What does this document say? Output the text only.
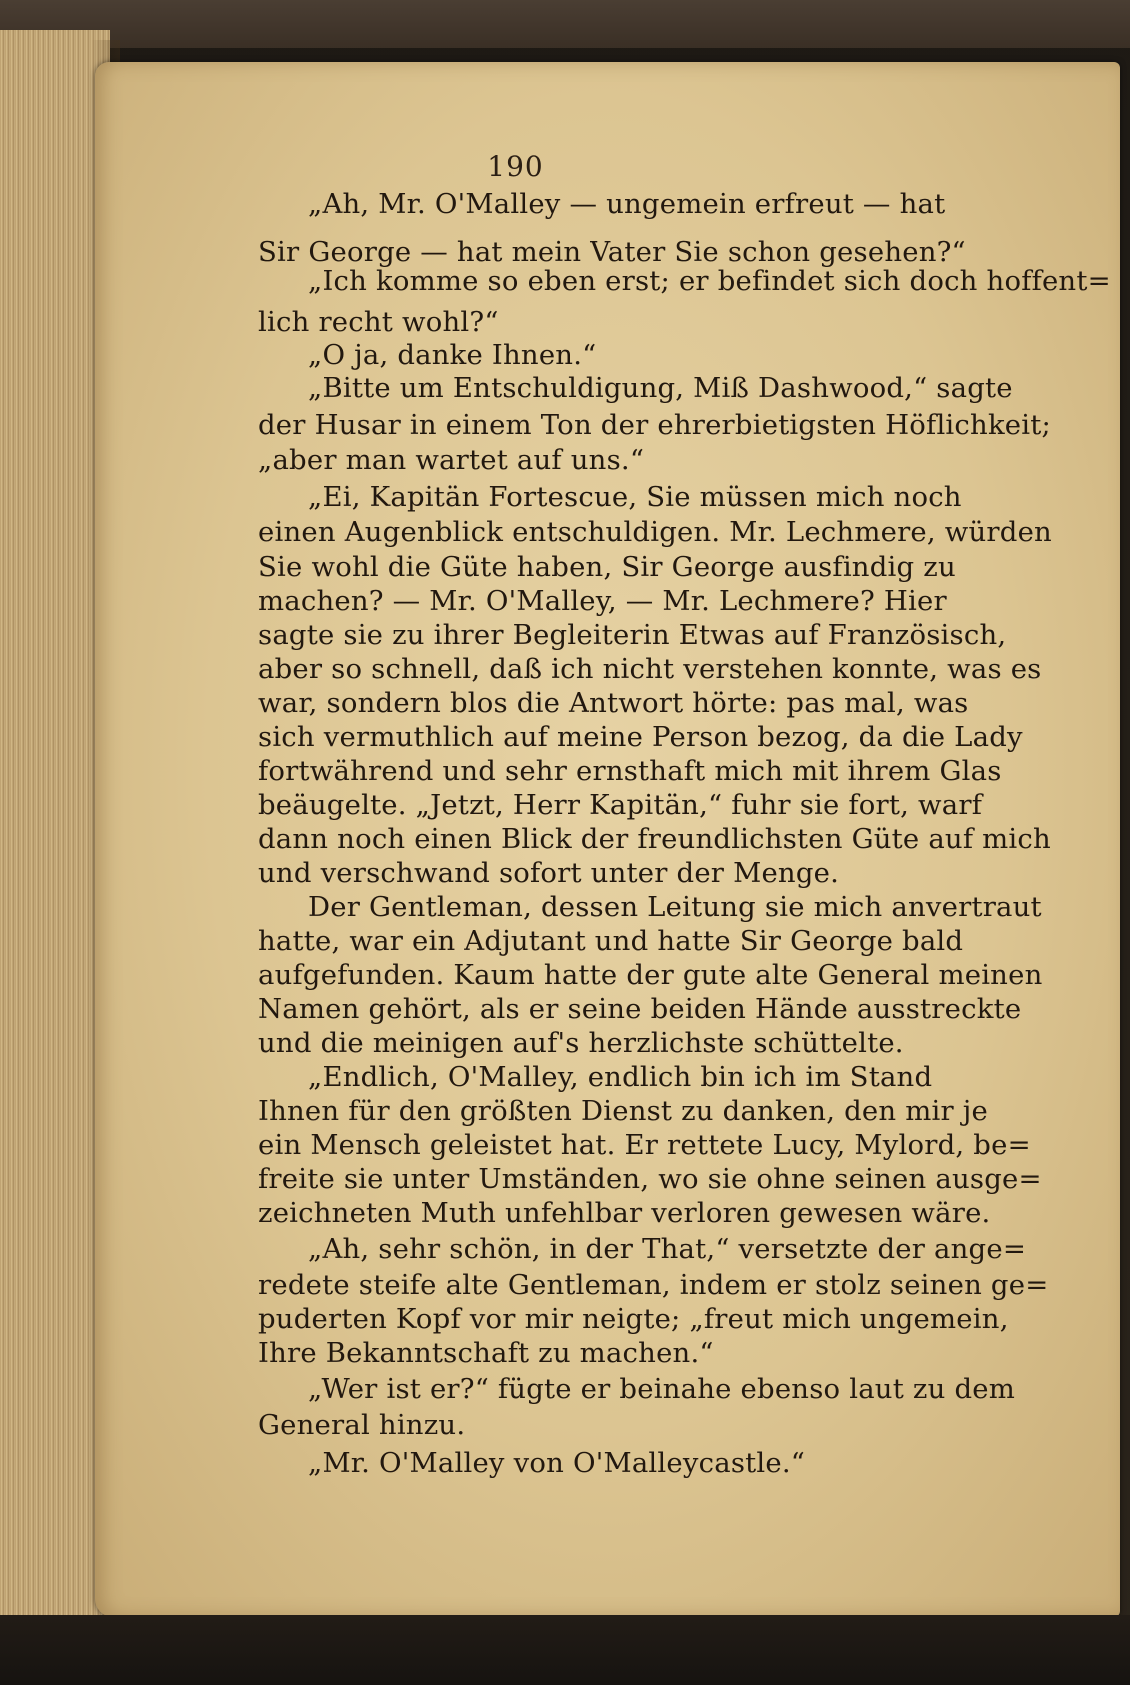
190
„Ah, Mr. O'Malley — ungemein erfreut — hat
Sir George — hat mein Vater Sie schon gesehen?“
„Ich komme so eben erst; er befindet sich doch hoffent=
lich recht wohl?“
„O ja, danke Ihnen.“
„Bitte um Entschuldigung, Miß Dashwood,“ sagte
der Husar in einem Ton der ehrerbietigsten Höflichkeit;
„aber man wartet auf uns.“
„Ei, Kapitän Fortescue, Sie müssen mich noch
einen Augenblick entschuldigen. Mr. Lechmere, würden
Sie wohl die Güte haben, Sir George ausfindig zu
machen? — Mr. O'Malley, — Mr. Lechmere? Hier
sagte sie zu ihrer Begleiterin Etwas auf Französisch,
aber so schnell, daß ich nicht verstehen konnte, was es
war, sondern blos die Antwort hörte: pas mal, was
sich vermuthlich auf meine Person bezog, da die Lady
fortwährend und sehr ernsthaft mich mit ihrem Glas
beäugelte. „Jetzt, Herr Kapitän,“ fuhr sie fort, warf
dann noch einen Blick der freundlichsten Güte auf mich
und verschwand sofort unter der Menge.
Der Gentleman, dessen Leitung sie mich anvertraut
hatte, war ein Adjutant und hatte Sir George bald
aufgefunden. Kaum hatte der gute alte General meinen
Namen gehört, als er seine beiden Hände ausstreckte
und die meinigen auf's herzlichste schüttelte.
„Endlich, O'Malley, endlich bin ich im Stand
Ihnen für den größten Dienst zu danken, den mir je
ein Mensch geleistet hat. Er rettete Lucy, Mylord, be=
freite sie unter Umständen, wo sie ohne seinen ausge=
zeichneten Muth unfehlbar verloren gewesen wäre.
„Ah, sehr schön, in der That,“ versetzte der ange=
redete steife alte Gentleman, indem er stolz seinen ge=
puderten Kopf vor mir neigte; „freut mich ungemein,
Ihre Bekanntschaft zu machen.“
„Wer ist er?“ fügte er beinahe ebenso laut zu dem
General hinzu.
„Mr. O'Malley von O'Malleycastle.“
